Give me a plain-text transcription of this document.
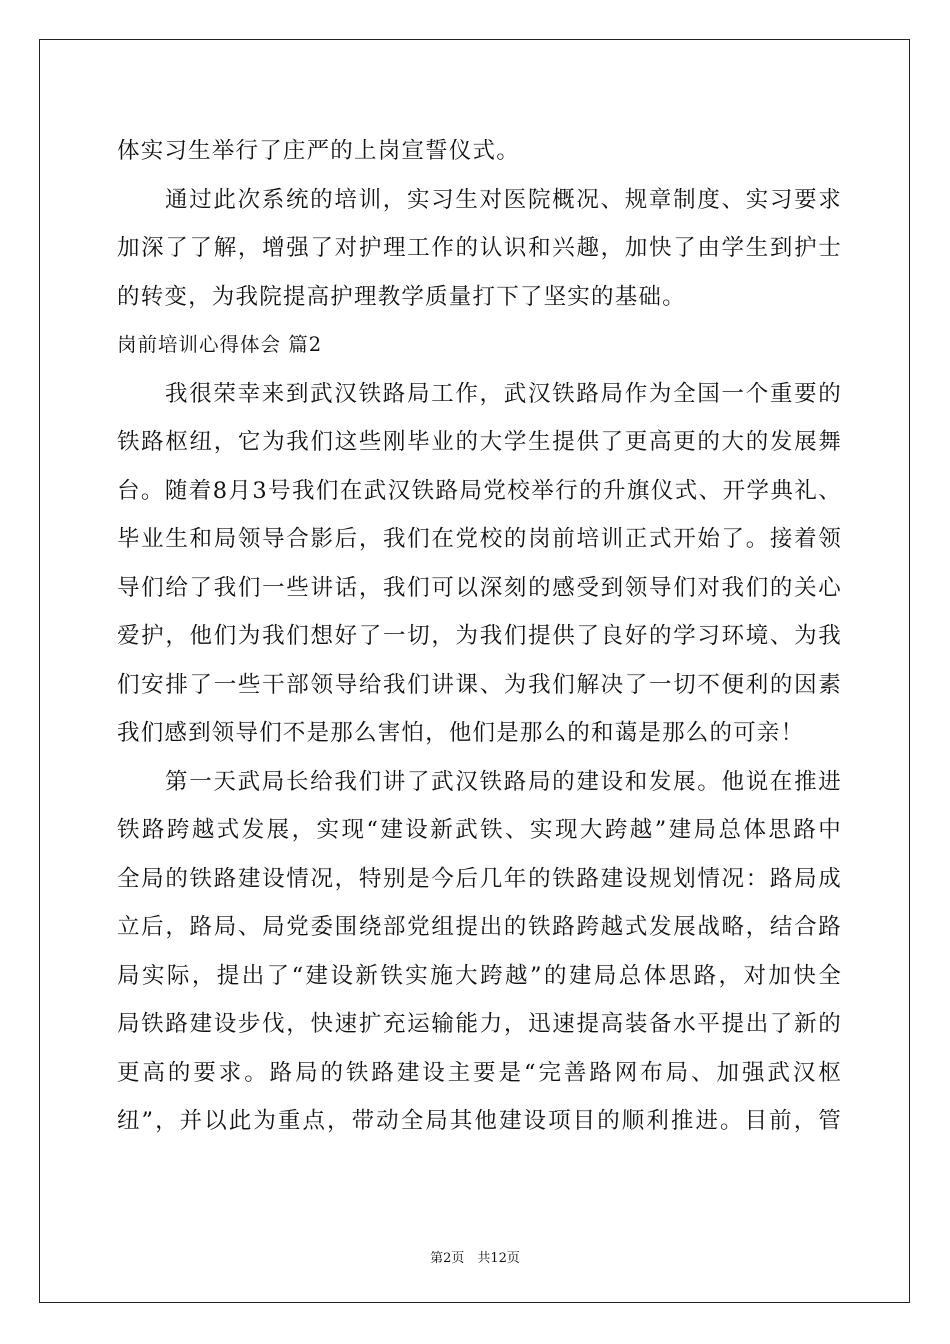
体实习生举行了庄严的上岗宣誓仪式。
通过此次系统的培训，实习生对医院概况、规章制度、实习要求
加深了了解，增强了对护理工作的认识和兴趣，加快了由学生到护士
的转变，为我院提高护理教学质量打下了坚实的基础。
岗前培训心得体会 篇2
我很荣幸来到武汉铁路局工作，武汉铁路局作为全国一个重要的
铁路枢纽，它为我们这些刚毕业的大学生提供了更高更的大的发展舞
台。随着8月3号我们在武汉铁路局党校举行的升旗仪式、开学典礼、
毕业生和局领导合影后，我们在党校的岗前培训正式开始了。接着领
导们给了我们一些讲话，我们可以深刻的感受到领导们对我们的关心
爱护，他们为我们想好了一切，为我们提供了良好的学习环境、为我
们安排了一些干部领导给我们讲课、为我们解决了一切不便利的因素
我们感到领导们不是那么害怕，他们是那么的和蔼是那么的可亲！
第一天武局长给我们讲了武汉铁路局的建设和发展。他说在推进
铁路跨越式发展，实现“建设新武铁、实现大跨越”建局总体思路中
全局的铁路建设情况，特别是今后几年的铁路建设规划情况：路局成
立后，路局、局党委围绕部党组提出的铁路跨越式发展战略，结合路
局实际，提出了“建设新铁实施大跨越”的建局总体思路，对加快全
局铁路建设步伐，快速扩充运输能力，迅速提高装备水平提出了新的
更高的要求。路局的铁路建设主要是“完善路网布局、加强武汉枢
纽”，并以此为重点，带动全局其他建设项目的顺利推进。目前，管
第2页　共12页
